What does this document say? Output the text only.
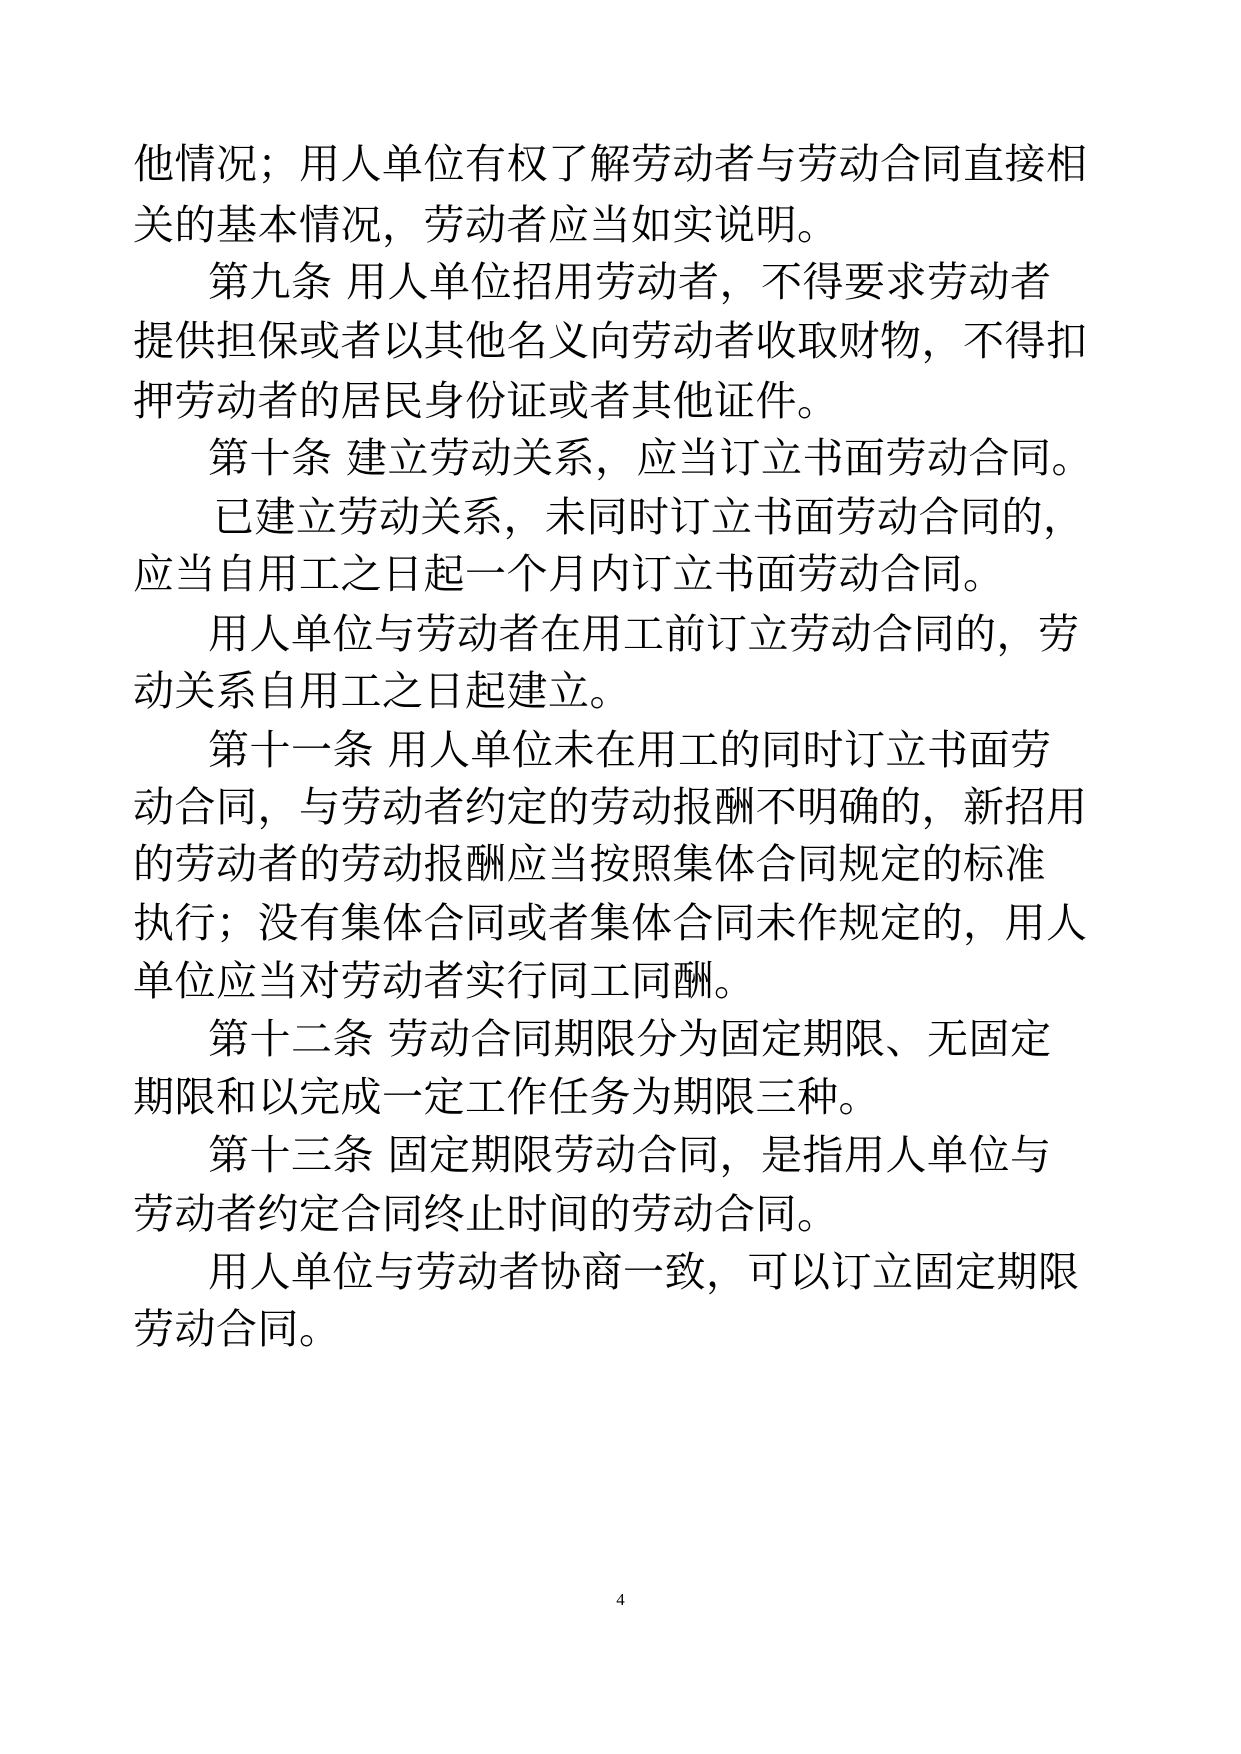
他情况；用人单位有权了解劳动者与劳动合同直接相
关的基本情况，劳动者应当如实说明。
第九条 用人单位招用劳动者，不得要求劳动者
提供担保或者以其他名义向劳动者收取财物，不得扣
押劳动者的居民身份证或者其他证件。
第十条 建立劳动关系，应当订立书面劳动合同。
已建立劳动关系，未同时订立书面劳动合同的，
应当自用工之日起一个月内订立书面劳动合同。
用人单位与劳动者在用工前订立劳动合同的，劳
动关系自用工之日起建立。
第十一条 用人单位未在用工的同时订立书面劳
动合同，与劳动者约定的劳动报酬不明确的，新招用
的劳动者的劳动报酬应当按照集体合同规定的标准
执行；没有集体合同或者集体合同未作规定的，用人
单位应当对劳动者实行同工同酬。
第十二条 劳动合同期限分为固定期限、无固定
期限和以完成一定工作任务为期限三种。
第十三条 固定期限劳动合同，是指用人单位与
劳动者约定合同终止时间的劳动合同。
用人单位与劳动者协商一致，可以订立固定期限
劳动合同。
4
